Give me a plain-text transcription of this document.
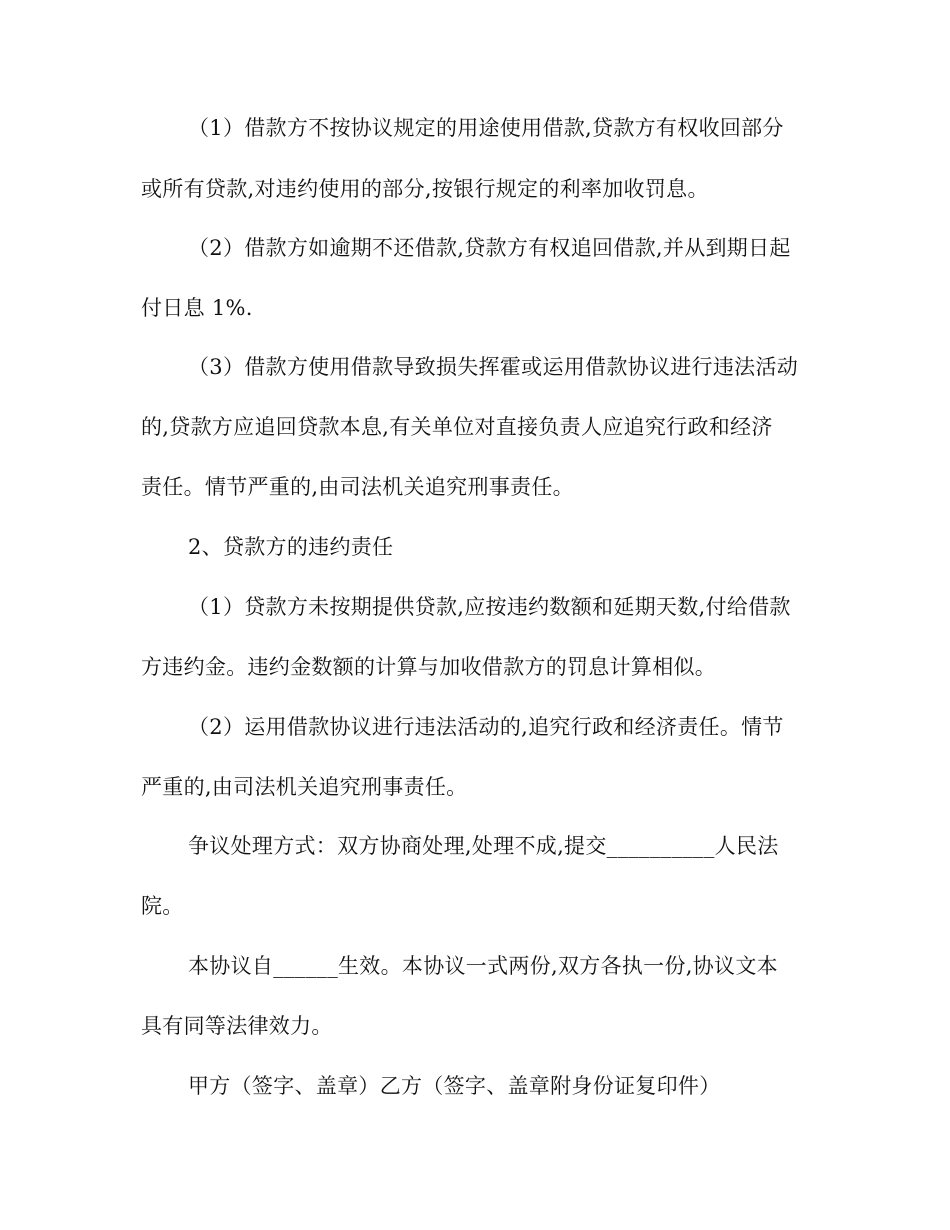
（1）借款方不按协议规定的用途使用借款,贷款方有权收回部分
或所有贷款,对违约使用的部分,按银行规定的利率加收罚息。
（2）借款方如逾期不还借款,贷款方有权追回借款,并从到期日起
付日息 1%.
（3）借款方使用借款导致损失挥霍或运用借款协议进行违法活动
的,贷款方应追回贷款本息,有关单位对直接负责人应追究行政和经济
责任。情节严重的,由司法机关追究刑事责任。
2、贷款方的违约责任
（1）贷款方未按期提供贷款,应按违约数额和延期天数,付给借款
方违约金。违约金数额的计算与加收借款方的罚息计算相似。
（2）运用借款协议进行违法活动的,追究行政和经济责任。情节
严重的,由司法机关追究刑事责任。
争议处理方式：双方协商处理,处理不成,提交__________人民法
院。
本协议自______生效。本协议一式两份,双方各执一份,协议文本
具有同等法律效力。
甲方（签字、盖章）乙方（签字、盖章附身份证复印件）
